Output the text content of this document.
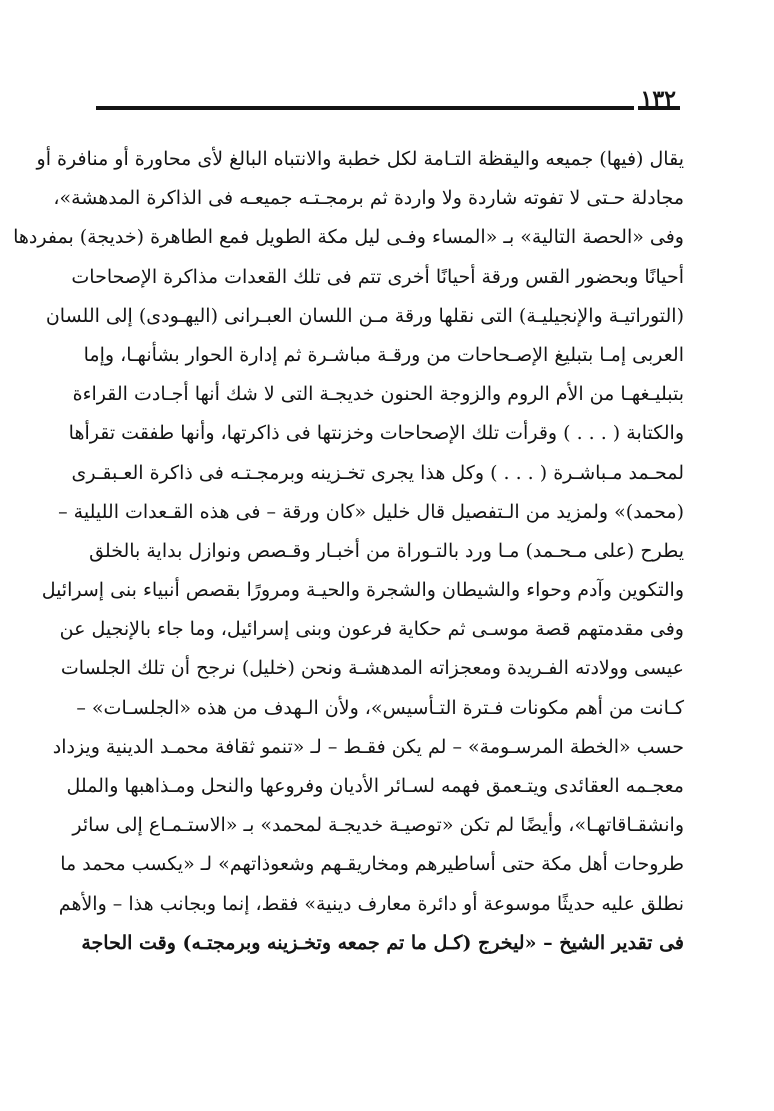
١٣٢
يقال (فيها) جميعه واليقظة التـامة لكل خطبة والانتباه البالغ لأى محاورة أو منافرة أو
مجادلة حـتى لا تفوته شاردة ولا واردة ثم برمجـتـه جميعـه فى الذاكرة المدهشة»،
وفى «الحصة التالية» بـ «المساء وفـى ليل مكة الطويل فمع الطاهرة (خديجة) بمفردها
أحيانًا وبحضور القس ورقة أحيانًا أخرى تتم فى تلك القعدات مذاكرة الإصحاحات
(التوراتيـة والإنجيليـة) التى نقلها ورقة مـن اللسان العبـرانى (اليهـودى) إلى اللسان
العربى إمـا بتبليغ الإصـحاحات من ورقـة مباشـرة ثم إدارة الحوار بشأنهـا، وإما
بتبليـغهـا من الأم الروم والزوجة الحنون خديجـة التى لا شك أنها أجـادت القراءة
والكتابة ( . . . ) وقرأت تلك الإصحاحات وخزنتها فى ذاكرتها، وأنها طفقت تقرأها
لمحـمد مـباشـرة ( . . . ) وكل هذا يجرى تخـزينه وبرمجـتـه فى ذاكرة العـبقـرى
(محمد)» ولمزيد من الـتفصيل قال خليل «كان ورقة – فى هذه القـعدات الليلية –
يطرح (على مـحـمد) مـا ورد بالتـوراة من أخبـار وقـصص ونوازل بداية بالخلق
والتكوين وآدم وحواء والشيطان والشجرة والحيـة ومرورًا بقصص أنبياء بنى إسرائيل
وفى مقدمتهم قصة موسـى ثم حكاية فرعون وبنى إسرائيل، وما جاء بالإنجيل عن
عيسى وولادته الفـريدة ومعجزاته المدهشـة ونحن (خليل) نرجح أن تلك الجلسات
كـانت من أهم مكونات فـترة التـأسيس»، ولأن الـهدف من هذه «الجلسـات» –
حسب «الخطة المرسـومة» – لم يكن فقـط – لـ «تنمو ثقافة محمـد الدينية ويزداد
معجـمه العقائدى ويتـعمق فهمه لسـائر الأديان وفروعها والنحل ومـذاهبها والملل
وانشقـاقاتهـا»، وأيضًا لم تكن «توصيـة خديجـة لمحمد» بـ «الاستـمـاع إلى سائر
طروحات أهل مكة حتى أساطيرهم ومخاريقـهم وشعوذاتهم» لـ «يكسب محمد ما
نطلق عليه حديثًا موسوعة أو دائرة معارف دينية» فقط، إنما وبجانب هذا – والأهم
فى تقدير الشيخ – «ليخرج (كـل ما تم جمعه وتخـزينه وبرمجتـه) وقت الحاجة
